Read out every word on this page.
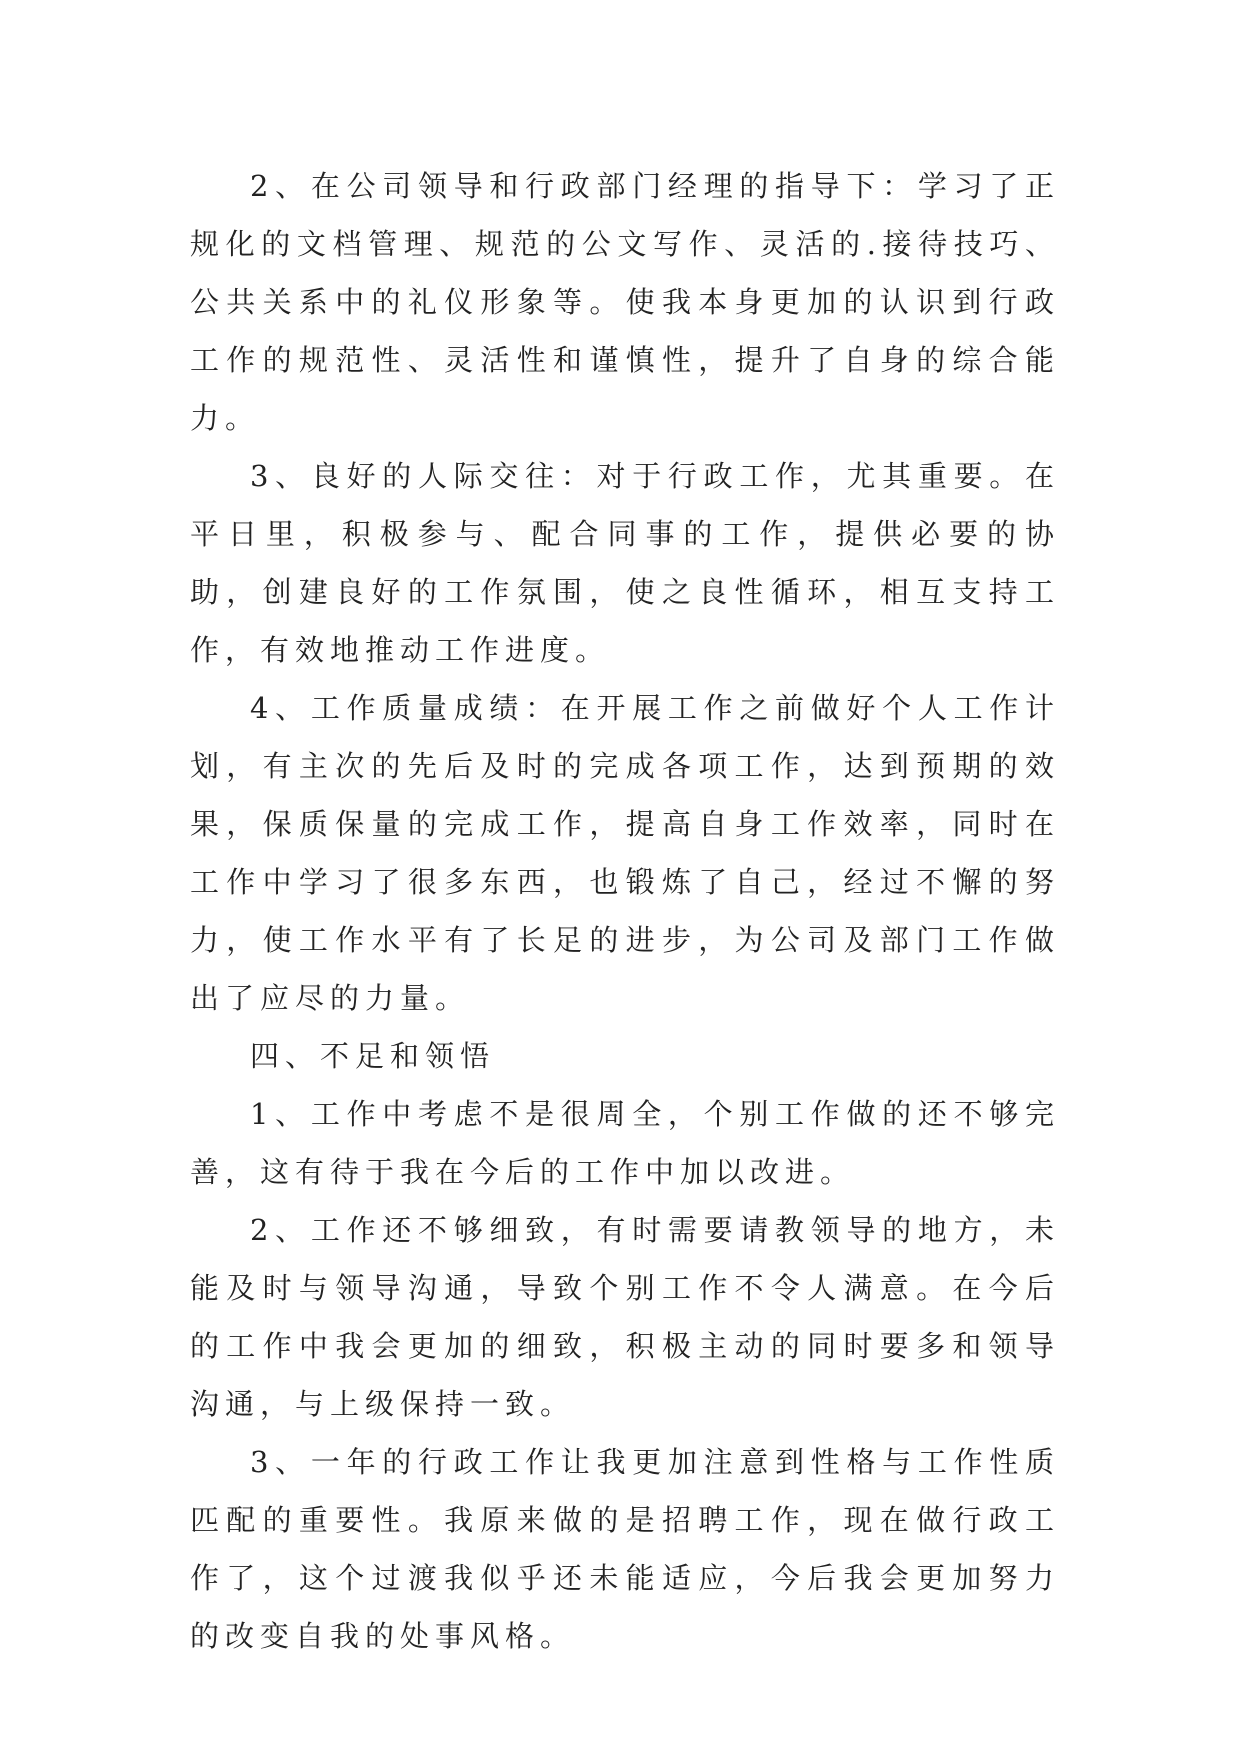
2、在公司领导和行政部门经理的指导下：学习了正规化的文档管理、规范的公文写作、灵活的.接待技巧、公共关系中的礼仪形象等。使我本身更加的认识到行政工作的规范性、灵活性和谨慎性，提升了自身的综合能力。

3、良好的人际交往：对于行政工作，尤其重要。在平日里，积极参与、配合同事的工作，提供必要的协助，创建良好的工作氛围，使之良性循环，相互支持工作，有效地推动工作进度。

4、工作质量成绩：在开展工作之前做好个人工作计划，有主次的先后及时的完成各项工作，达到预期的效果，保质保量的完成工作，提高自身工作效率，同时在工作中学习了很多东西，也锻炼了自己，经过不懈的努力，使工作水平有了长足的进步，为公司及部门工作做出了应尽的力量。

四、不足和领悟

1、工作中考虑不是很周全，个别工作做的还不够完善，这有待于我在今后的工作中加以改进。

2、工作还不够细致，有时需要请教领导的地方，未能及时与领导沟通，导致个别工作不令人满意。在今后的工作中我会更加的细致，积极主动的同时要多和领导沟通，与上级保持一致。

3、一年的行政工作让我更加注意到性格与工作性质匹配的重要性。我原来做的是招聘工作，现在做行政工作了，这个过渡我似乎还未能适应，今后我会更加努力的改变自我的处事风格。
